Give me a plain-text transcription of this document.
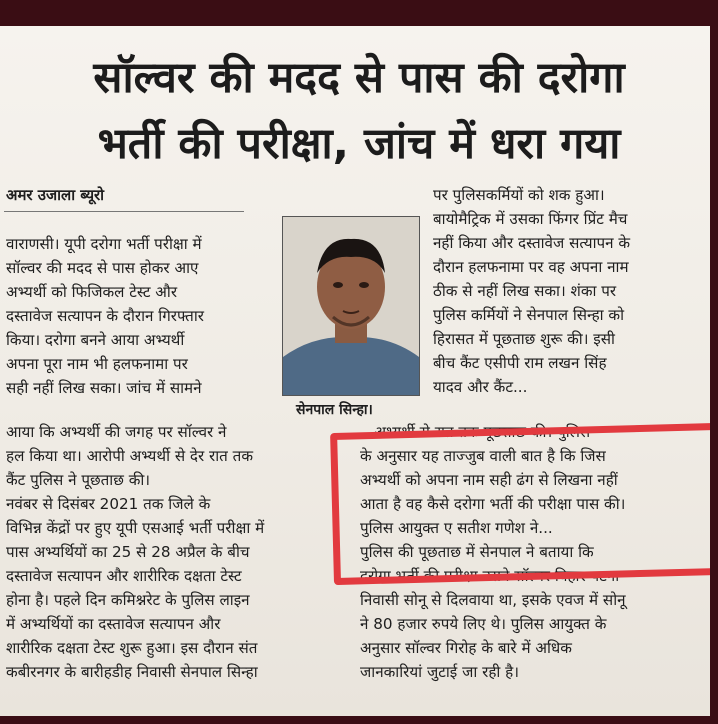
सॉल्वर की मदद से पास की दरोगा
भर्ती की परीक्षा, जांच में धरा गया
अमर उजाला ब्यूरो

वाराणसी। यूपी दरोगा भर्ती परीक्षा में

सॉल्वर की मदद से पास होकर आए

अभ्यर्थी को फिजिकल टेस्ट और

दस्तावेज सत्यापन के दौरान गिरफ्तार

किया। दरोगा बनने आया अभ्यर्थी

अपना पूरा नाम भी हलफनामा पर

सही नहीं लिख सका। जांच में सामने

सेनपाल सिन्हा।

पर पुलिसकर्मियों को शक हुआ।

बायोमैट्रिक में उसका फिंगर प्रिंट मैच

नहीं किया और दस्तावेज सत्यापन के

दौरान हलफनामा पर वह अपना नाम

ठीक से नहीं लिख सका। शंका पर

पुलिस कर्मियों ने सेनपाल सिन्हा को

हिरासत में पूछताछ शुरू की। इसी

बीच कैंट एसीपी राम लखन सिंह

यादव और कैंट...

आया कि अभ्यर्थी की जगह पर सॉल्वर ने

हल किया था। आरोपी अभ्यर्थी से देर रात तक

कैंट पुलिस ने पूछताछ की।

नवंबर से दिसंबर 2021 तक जिले के

विभिन्न केंद्रों पर हुए यूपी एसआई भर्ती परीक्षा में

पास अभ्यर्थियों का 25 से 28 अप्रैल के बीच

दस्तावेज सत्यापन और शारीरिक दक्षता टेस्ट

होना है। पहले दिन कमिश्नरेट के पुलिस लाइन

में अभ्यर्थियों का दस्तावेज सत्यापन और

शारीरिक दक्षता टेस्ट शुरू हुआ। इस दौरान संत

कबीरनगर के बारीहडीह निवासी सेनपाल सिन्हा

...अभ्यर्थी से रात तक पूछताछ की। पुलिस

के अनुसार यह ताज्जुब वाली बात है कि जिस

अभ्यर्थी को अपना नाम सही ढंग से लिखना नहीं

आता है वह कैसे दरोगा भर्ती की परीक्षा पास की।

पुलिस आयुक्त ए सतीश गणेश ने...

पुलिस की पूछताछ में सेनपाल ने बताया कि

दरोगा भर्ती की परीक्षा उसने सॉल्वर बिहार पटना

निवासी सोनू से दिलवाया था, इसके एवज में सोनू

ने 80 हजार रुपये लिए थे। पुलिस आयुक्त के

अनुसार सॉल्वर गिरोह के बारे में अधिक

जानकारियां जुटाई जा रही है।
